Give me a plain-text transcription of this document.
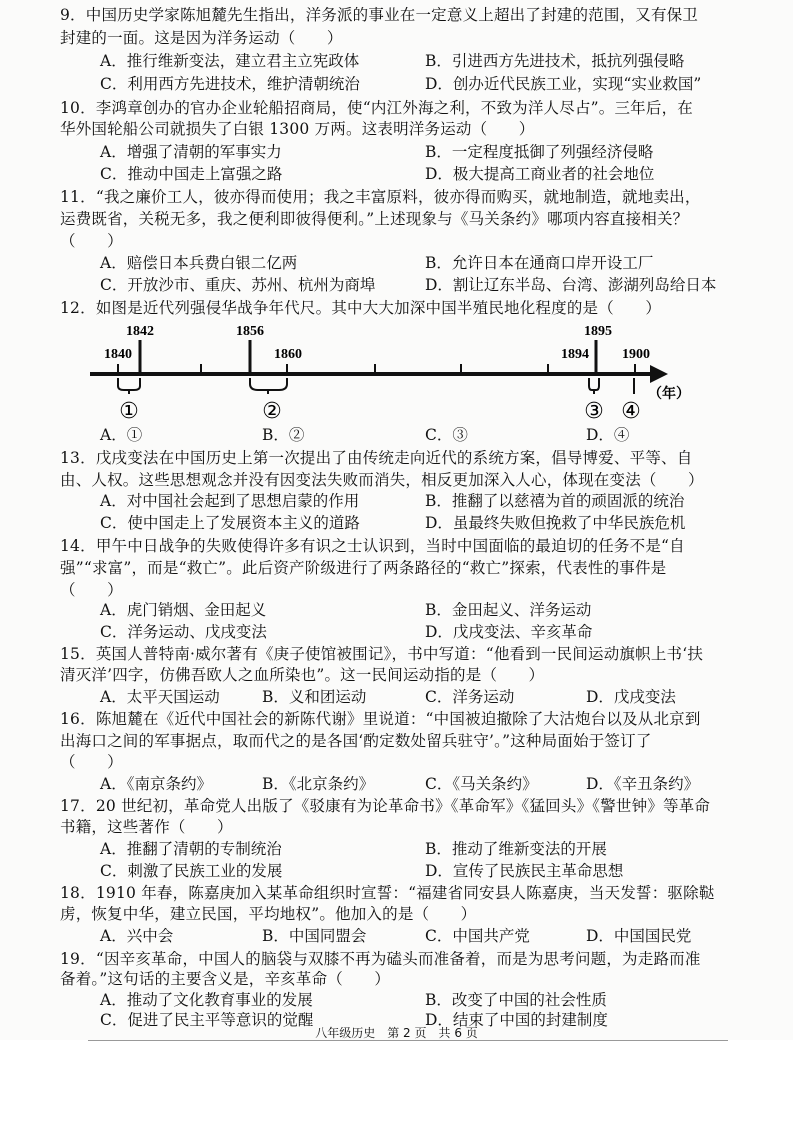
9．中国历史学家陈旭麓先生指出，洋务派的事业在一定意义上超出了封建的范围，又有保卫
封建的一面。这是因为洋务运动（　　）
A．推行维新变法，建立君主立宪政体	B．引进西方先进技术，抵抗列强侵略
C．利用西方先进技术，维护清朝统治	D．创办近代民族工业，实现“实业救国”
10．李鸿章创办的官办企业轮船招商局，使“内江外海之利，不致为洋人尽占”。三年后，在
华外国轮船公司就损失了白银 1300 万两。这表明洋务运动（　　）
A．增强了清朝的军事实力	B．一定程度抵御了列强经济侵略
C．推动中国走上富强之路	D．极大提高工商业者的社会地位
11．“我之廉价工人，彼亦得而使用；我之丰富原料，彼亦得而购买，就地制造，就地卖出，
运费既省，关税无多，我之便利即彼得便利。”上述现象与《马关条约》哪项内容直接相关？
（　　）
A．赔偿日本兵费白银二亿两	B．允许日本在通商口岸开设工厂
C．开放沙市、重庆、苏州、杭州为商埠	D．割让辽东半岛、台湾、澎湖列岛给日本
12．如图是近代列强侵华战争年代尺。其中大大加深中国半殖民地化程度的是（　　）
1842	1856	1895
1840	1860	1894 1900
（年）
①	②	③ ④
A．①	B．②	C．③	D．④
13．戊戌变法在中国历史上第一次提出了由传统走向近代的系统方案，倡导博爱、平等、自
由、人权。这些思想观念并没有因变法失败而消失，相反更加深入人心，体现在变法（　　）
A．对中国社会起到了思想启蒙的作用	B．推翻了以慈禧为首的顽固派的统治
C．使中国走上了发展资本主义的道路	D．虽最终失败但挽救了中华民族危机
14．甲午中日战争的失败使得许多有识之士认识到，当时中国面临的最迫切的任务不是“自
强”“求富”，而是“救亡”。此后资产阶级进行了两条路径的“救亡”探索，代表性的事件是
（　　）
A．虎门销烟、金田起义	B．金田起义、洋务运动
C．洋务运动、戊戌变法	D．戊戌变法、辛亥革命
15．英国人普特南·威尔著有《庚子使馆被围记》，书中写道：“他看到一民间运动旗帜上书‘扶
清灭洋’四字，仿佛吾欧人之血所染也”。这一民间运动指的是（　　）
A．太平天国运动	B．义和团运动	C．洋务运动	D．戊戌变法
16．陈旭麓在《近代中国社会的新陈代谢》里说道：“中国被迫撤除了大沽炮台以及从北京到
出海口之间的军事据点，取而代之的是各国‘酌定数处留兵驻守’。”这种局面始于签订了
（　　）
A．《南京条约》	B．《北京条约》	C．《马关条约》	D．《辛丑条约》
17．20 世纪初，革命党人出版了《驳康有为论革命书》《革命军》《猛回头》《警世钟》等革命
书籍，这些著作（　　）
A．推翻了清朝的专制统治	B．推动了维新变法的开展
C．刺激了民族工业的发展	D．宣传了民族民主革命思想
18．1910 年春，陈嘉庚加入某革命组织时宣誓：“福建省同安县人陈嘉庚，当天发誓：驱除鞑
虏，恢复中华，建立民国，平均地权”。他加入的是（　　）
A．兴中会	B．中国同盟会	C．中国共产党	D．中国国民党
19．“因辛亥革命，中国人的脑袋与双膝不再为磕头而准备着，而是为思考问题，为走路而准
备着。”这句话的主要含义是，辛亥革命（　　）
A．推动了文化教育事业的发展	B．改变了中国的社会性质
C．促进了民主平等意识的觉醒	D．结束了中国的封建制度
八年级历史　第 2 页　共 6 页
